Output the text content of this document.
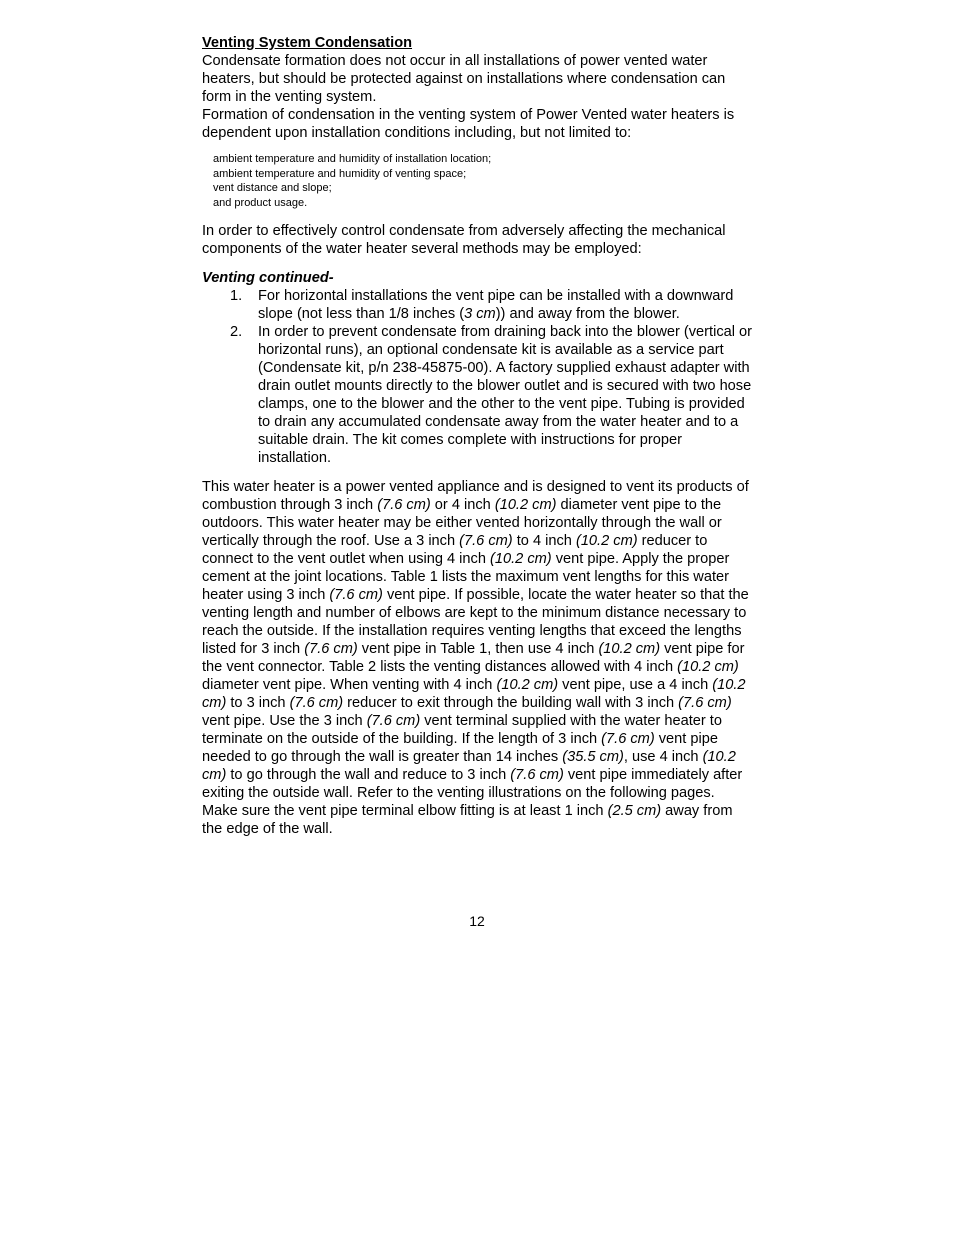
Venting System Condensation

Condensate formation does not occur in all installations of power vented water heaters, but should be protected against on installations where condensation can form in the venting system.

Formation of condensation in the venting system of Power Vented water heaters is dependent upon installation conditions including, but not limited to:

ambient temperature and humidity of installation location;
ambient temperature and humidity of venting space;
vent distance and slope;
and product usage.

In order to effectively control condensate from adversely affecting the mechanical components of the water heater several methods may be employed:

Venting continued-

1. For horizontal installations the vent pipe can be installed with a downward slope (not less than 1/8 inches (3 cm)) and away from the blower.
2. In order to prevent condensate from draining back into the blower (vertical or horizontal runs), an optional condensate kit is available as a service part (Condensate kit, p/n 238-45875-00). A factory supplied exhaust adapter with drain outlet mounts directly to the blower outlet and is secured with two hose clamps, one to the blower and the other to the vent pipe. Tubing is provided to drain any accumulated condensate away from the water heater and to a suitable drain. The kit comes complete with instructions for proper installation.

This water heater is a power vented appliance and is designed to vent its products of combustion through 3 inch (7.6 cm) or 4 inch (10.2 cm) diameter vent pipe to the outdoors. This water heater may be either vented horizontally through the wall or vertically through the roof. Use a 3 inch (7.6 cm) to 4 inch (10.2 cm) reducer to connect to the vent outlet when using 4 inch (10.2 cm) vent pipe. Apply the proper cement at the joint locations. Table 1 lists the maximum vent lengths for this water heater using 3 inch (7.6 cm) vent pipe. If possible, locate the water heater so that the venting length and number of elbows are kept to the minimum distance necessary to reach the outside. If the installation requires venting lengths that exceed the lengths listed for 3 inch (7.6 cm) vent pipe in Table 1, then use 4 inch (10.2 cm) vent pipe for the vent connector. Table 2 lists the venting distances allowed with 4 inch (10.2 cm) diameter vent pipe. When venting with 4 inch (10.2 cm) vent pipe, use a 4 inch (10.2 cm) to 3 inch (7.6 cm) reducer to exit through the building wall with 3 inch (7.6 cm) vent pipe. Use the 3 inch (7.6 cm) vent terminal supplied with the water heater to terminate on the outside of the building. If the length of 3 inch (7.6 cm) vent pipe needed to go through the wall is greater than 14 inches (35.5 cm), use 4 inch (10.2 cm) to go through the wall and reduce to 3 inch (7.6 cm) vent pipe immediately after exiting the outside wall. Refer to the venting illustrations on the following pages. Make sure the vent pipe terminal elbow fitting is at least 1 inch (2.5 cm) away from the edge of the wall.

12
